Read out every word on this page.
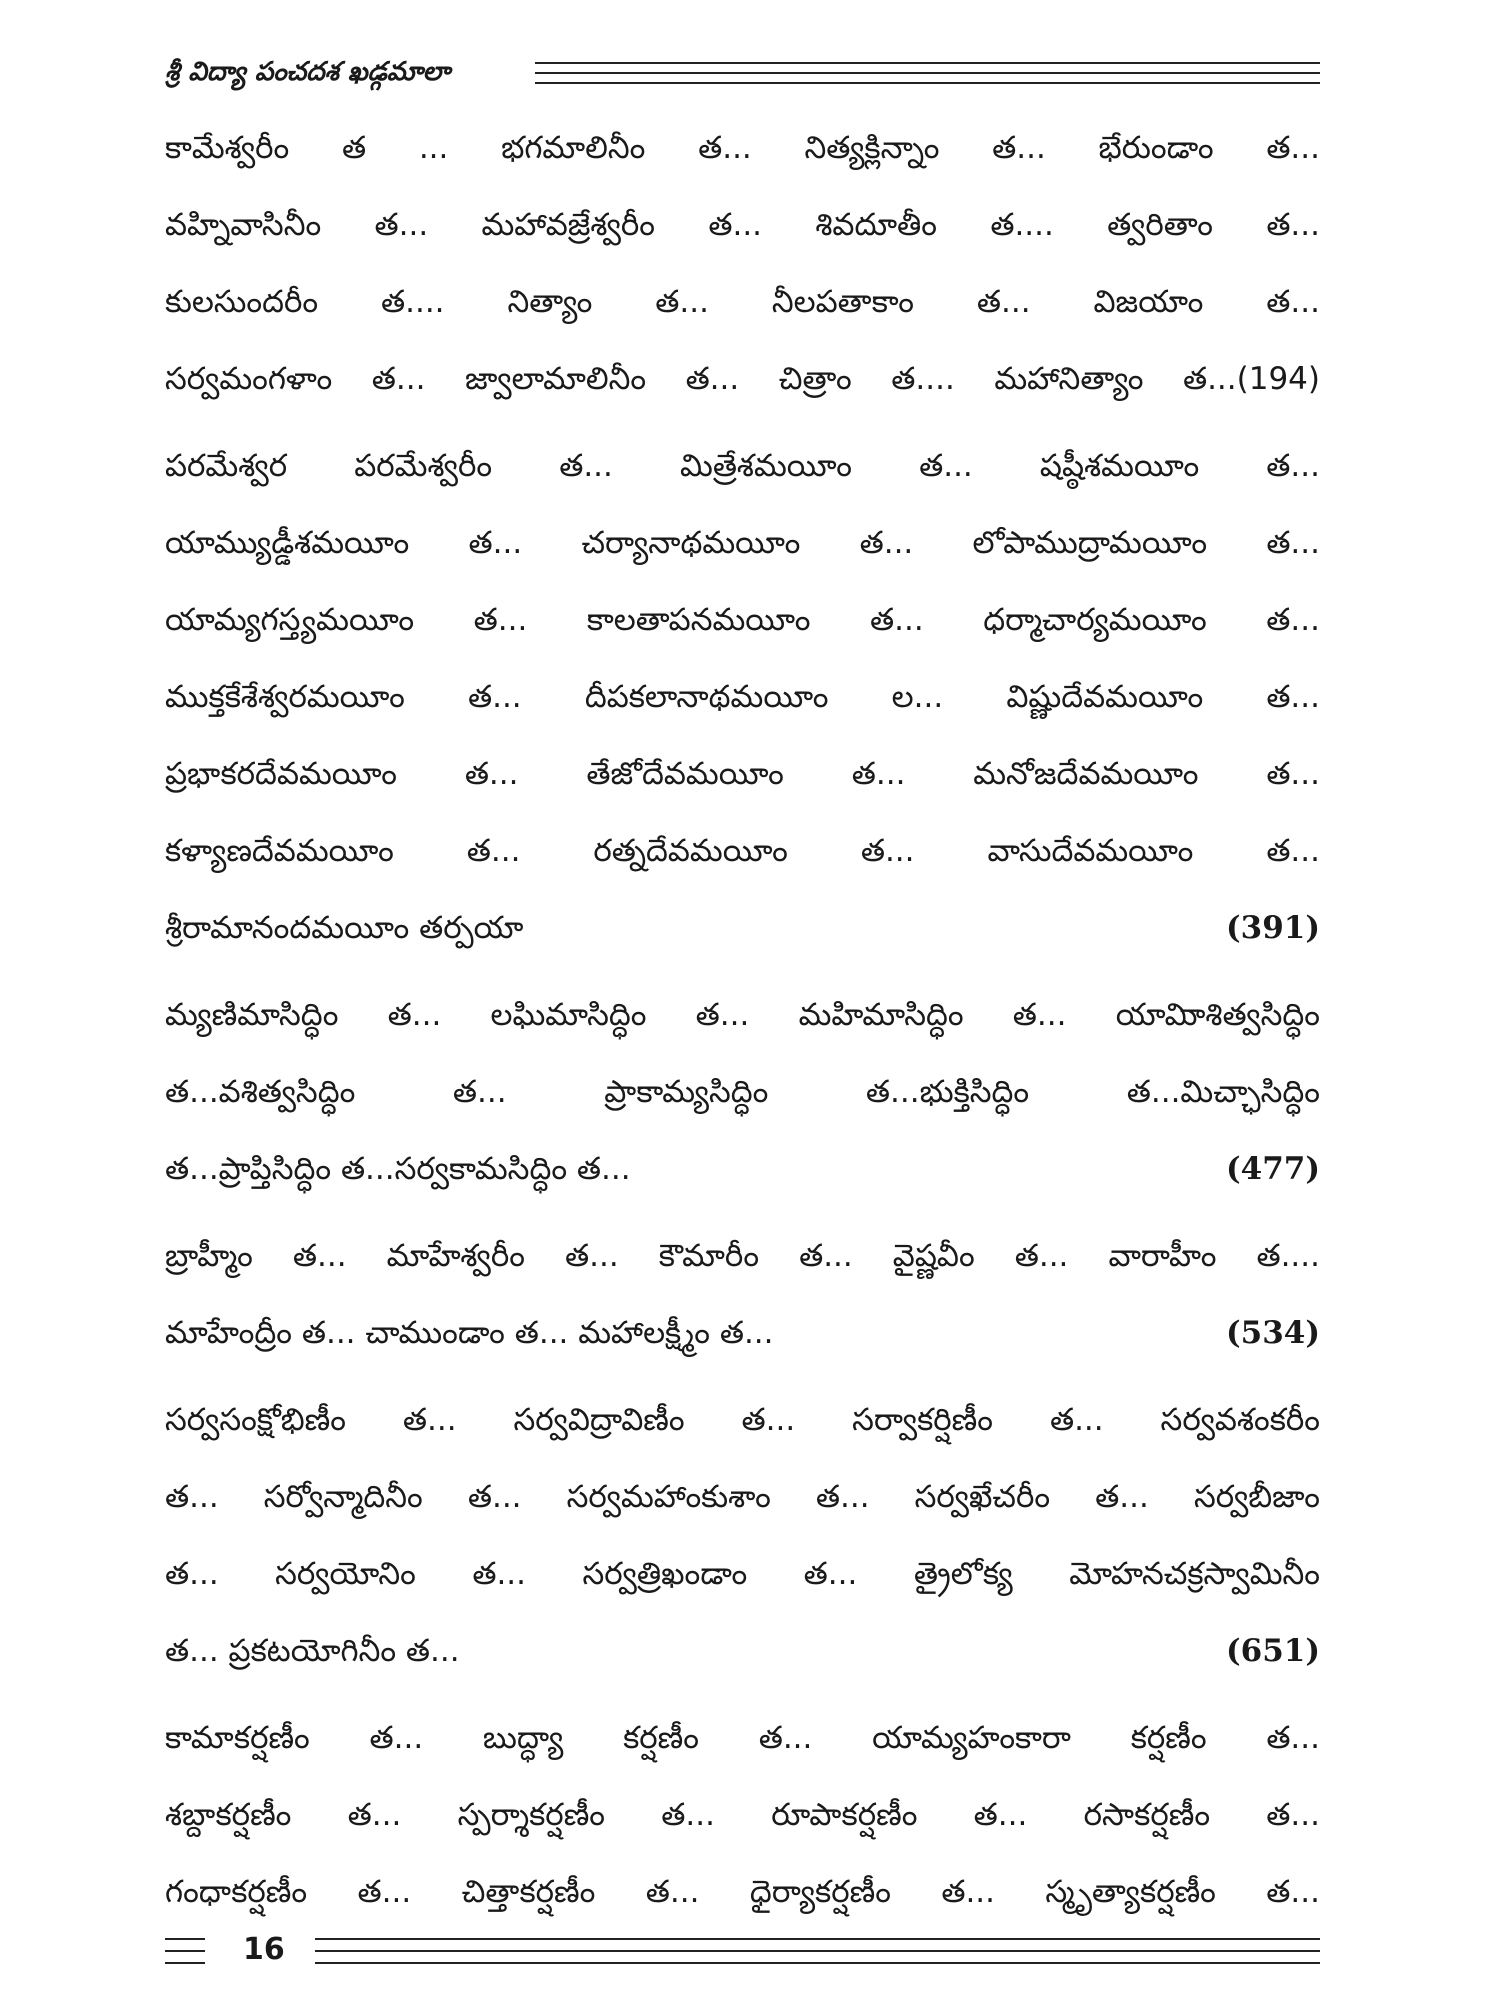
శ్రీ విద్యా పంచదశ ఖడ్గమాలా
కామేశ్వరీం త ... భగమాలినీం త... నిత్యక్లిన్నాం త... భేరుండాం త...
వహ్నివాసినీం త... మహావజ్రేశ్వరీం త... శివదూతీం త.... త్వరితాం త...
కులసుందరీం త.... నిత్యాం త... నీలపతాకాం త... విజయాం త...
సర్వమంగళాం త... జ్వాలామాలినీం త... చిత్రాం త.... మహానిత్యాం త...(194)
పరమేశ్వర పరమేశ్వరీం త... మిత్రేశమయీం త... షష్ఠీశమయీం త...
యామ్యుడ్డీశమయీం త... చర్యానాథమయీం త... లోపాముద్రామయీం త...
యామ్యగస్త్యమయీం త... కాలతాపనమయీం త... ధర్మాచార్యమయీం త...
ముక్తకేశేశ్వరమయీం త... దీపకలానాథమయీం ల... విష్ణుదేవమయీం త...
ప్రభాకరదేవమయీం త... తేజోదేవమయీం త... మనోజదేవమయీం త...
కళ్యాణదేవమయీం త... రత్నదేవమయీం త... వాసుదేవమయీం త...
శ్రీరామానందమయీం తర్పయా	(391)
మ్యణిమాసిద్ధిం త... లఘిమాసిద్ధిం త... మహిమాసిద్ధిం త... యామిాశిత్వసిద్ధిం
త...వశిత్వసిద్ధిం త... ప్రాకామ్యసిద్ధిం త...భుక్తిసిద్ధిం త...మిచ్ఛాసిద్ధిం
త...ప్రాప్తిసిద్ధిం త...సర్వకామసిద్ధిం త...	(477)
బ్రాహ్మీం త... మాహేశ్వరీం త... కౌమారీం త... వైష్ణవీం త... వారాహీం త....
మాహేంద్రీం త... చాముండాం త... మహాలక్ష్మీం త...	(534)
సర్వసంక్షోభిణీం త... సర్వవిద్రావిణీం త... సర్వాకర్షిణీం త... సర్వవశంకరీం
త... సర్వోన్మాదినీం త... సర్వమహాంకుశాం త... సర్వఖేచరీం త... సర్వబీజాం
త... సర్వయోనిం త... సర్వత్రిఖండాం త... త్రైలోక్య మోహనచక్రస్వామినీం
త... ప్రకటయోగినీం త...	(651)
కామాకర్షణీం త... బుద్ధ్యా కర్షణీం త... యామ్యహంకారా కర్షణీం త...
శబ్దాకర్షణీం త... స్పర్శాకర్షణీం త... రూపాకర్షణీం త... రసాకర్షణీం త...
గంధాకర్షణీం త... చిత్తాకర్షణీం త... ధైర్యాకర్షణీం త... స్మృత్యాకర్షణీం త...
16
